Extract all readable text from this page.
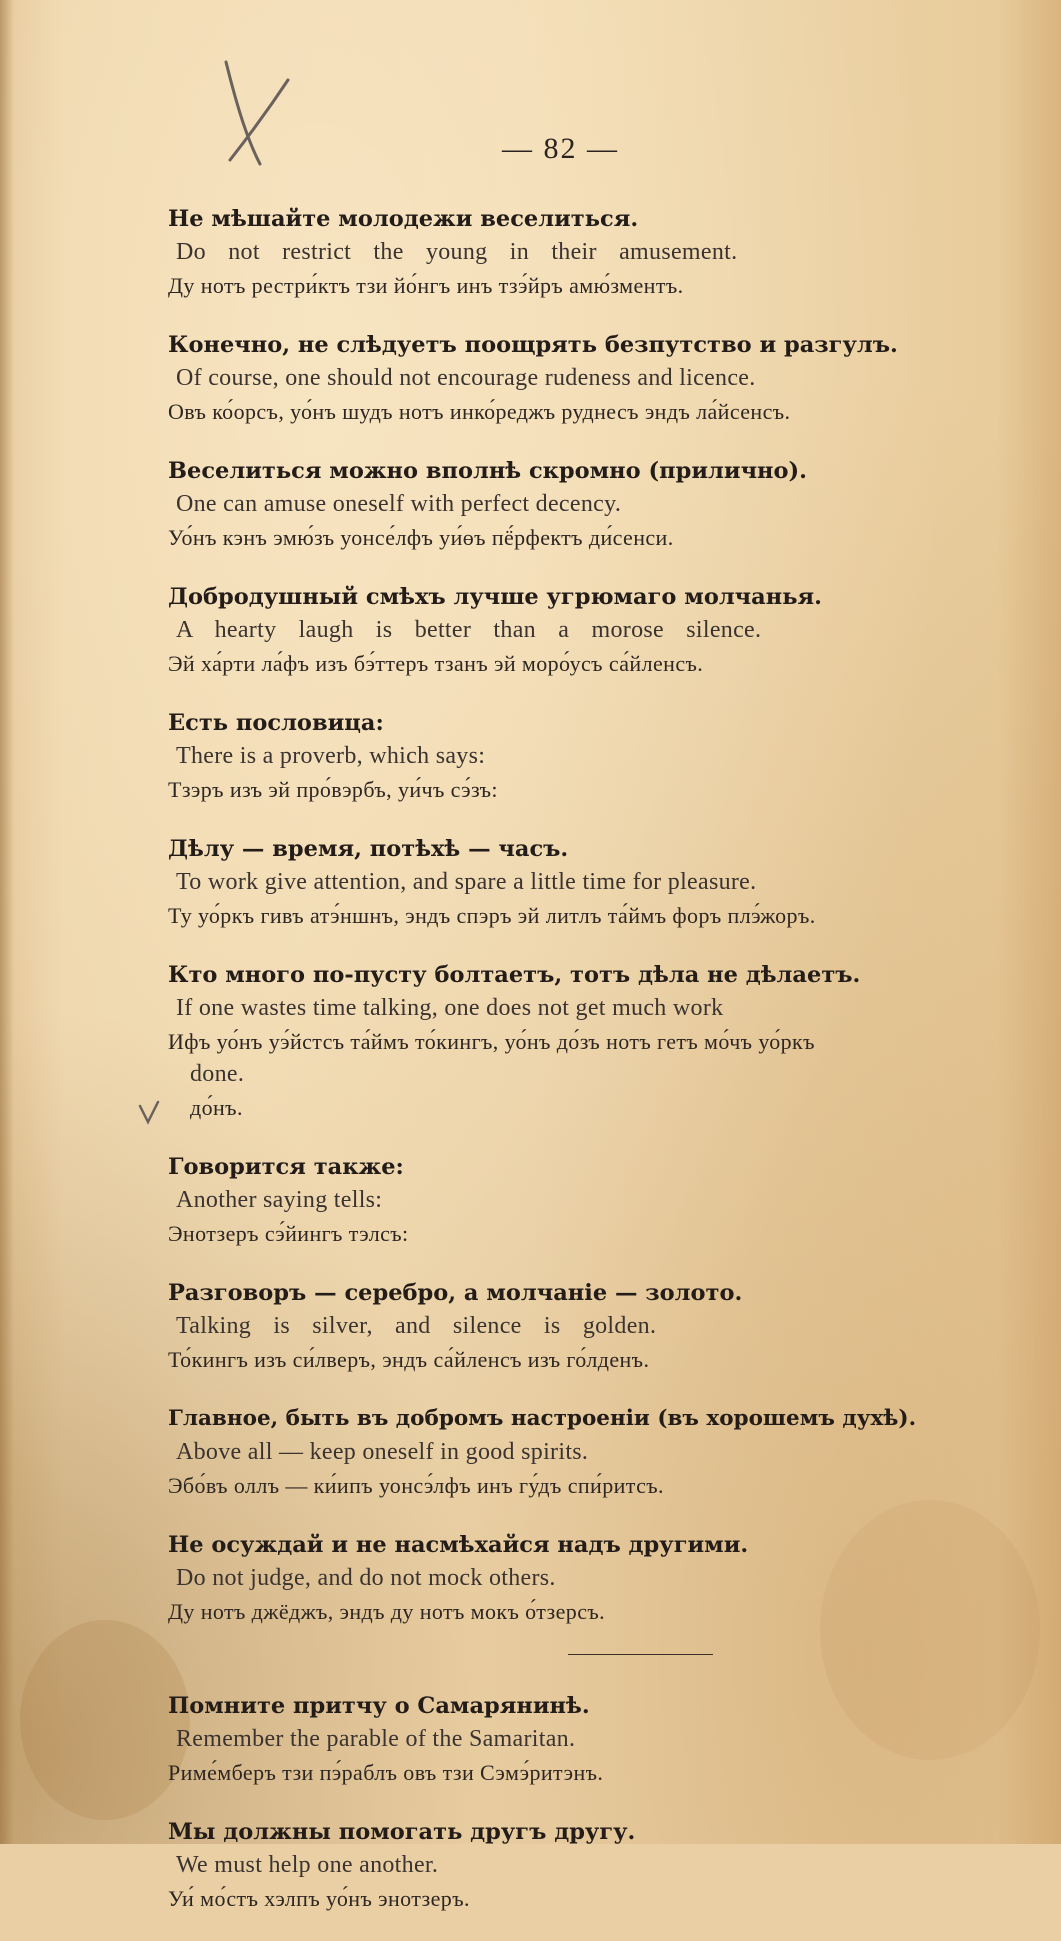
— 82 —
Не мѣшайте молодежи веселиться.
Do not restrict the young in their amusement.
Ду нотъ рестри́ктъ тзи йо́нгъ инъ тзэ́йръ амю́зментъ.
Конечно, не слѣдуетъ поощрять безпутство и разгулъ.
Of course, one should not encourage rudeness and licence.
Овъ ко́орсъ, уо́нъ шудъ нотъ инко́реджъ руднесъ эндъ ла́йсенсъ.
Веселиться можно вполнѣ скромно (прилично).
One can amuse oneself with perfect decency.
Уо́нъ кэнъ эмю́зъ уонсе́лфъ уи́өъ пё́рфектъ ди́сенси.
Добродушный смѣхъ лучше угрюмаго молчанья.
A hearty laugh is better than a morose silence.
Эй ха́рти ла́фъ изъ бэ́ттеръ тзанъ эй моро́усъ са́йленсъ.
Есть пословица:
There is a proverb, which says:
Тзэръ изъ эй про́вэрбъ, уи́чъ сэ́зъ:
Дѣлу — время, потѣхѣ — часъ.
To work give attention, and spare a little time for pleasure.
Ту уо́ркъ гивъ атэ́ншнъ, эндъ спэръ эй литлъ та́ймъ форъ плэ́жоръ.
Кто много по-пусту болтаетъ, тотъ дѣла не дѣлаетъ.
If one wastes time talking, one does not get much work
Ифъ уо́нъ уэ́йстсъ та́ймъ то́кингъ, уо́нъ до́зъ нотъ гетъ мо́чъ уо́ркъ
done.
до́нъ.
Говорится также:
Another saying tells:
Энотзеръ сэ́йингъ тэлсъ:
Разговоръ — серебро, а молчаніе — золото.
Talking is silver, and silence is golden.
То́кингъ изъ си́лверъ, эндъ са́йленсъ изъ го́лденъ.
Главное, быть въ добромъ настроеніи (въ хорошемъ духѣ).
Above all — keep oneself in good spirits.
Эбо́въ оллъ — ки́ипъ уонсэ́лфъ инъ гу́дъ спи́ритсъ.
Не осуждай и не насмѣхайся надъ другими.
Do not judge, and do not mock others.
Ду нотъ джёджъ, эндъ ду нотъ мокъ о́тзерсъ.
Помните притчу о Самарянинѣ.
Remember the parable of the Samaritan.
Риме́мберъ тзи пэ́раблъ овъ тзи Сэмэ́ритэнъ.
Мы должны помогать другъ другу.
We must help one another.
Уи́ мо́стъ хэлпъ уо́нъ энотзеръ.
